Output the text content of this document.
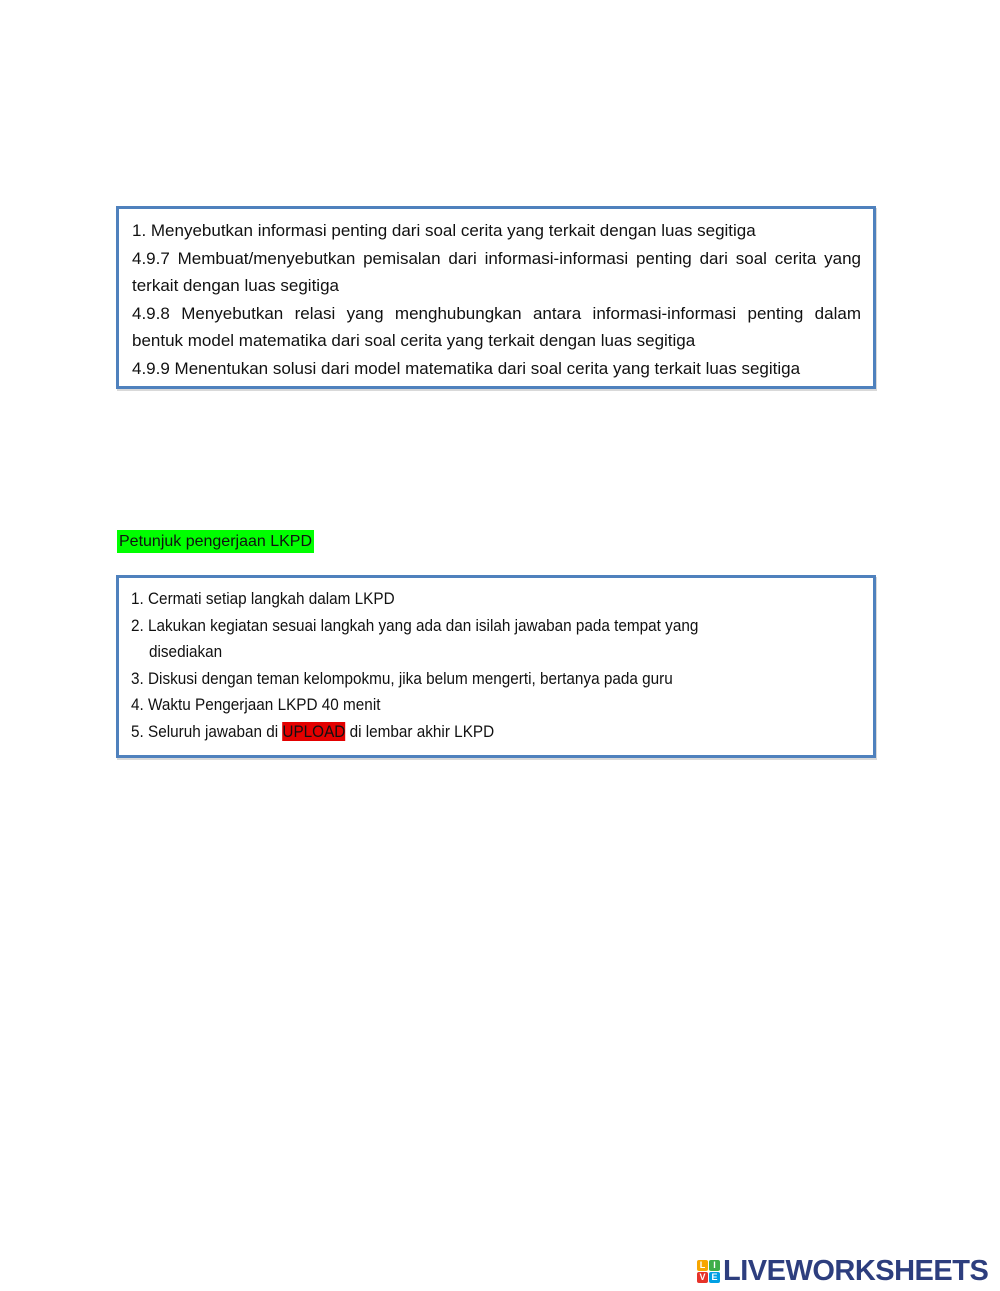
1. Menyebutkan informasi penting dari soal cerita yang terkait dengan luas segitiga

4.9.7 Membuat/menyebutkan pemisalan dari informasi-informasi penting dari soal cerita yang terkait dengan luas segitiga

4.9.8 Menyebutkan relasi yang menghubungkan antara informasi-informasi penting dalam bentuk model matematika dari soal cerita yang terkait dengan luas segitiga

4.9.9 Menentukan solusi dari model matematika dari soal cerita yang terkait luas segitiga

Petunjuk pengerjaan LKPD

1. Cermati setiap langkah dalam LKPD

2. Lakukan kegiatan sesuai langkah yang ada dan isilah jawaban pada tempat yang

disediakan

3. Diskusi dengan teman kelompokmu, jika belum mengerti, bertanya pada guru

4. Waktu Pengerjaan LKPD 40 menit

5. Seluruh jawaban di UPLOAD di lembar akhir LKPD

L I
V E LIVEWORKSHEETS
